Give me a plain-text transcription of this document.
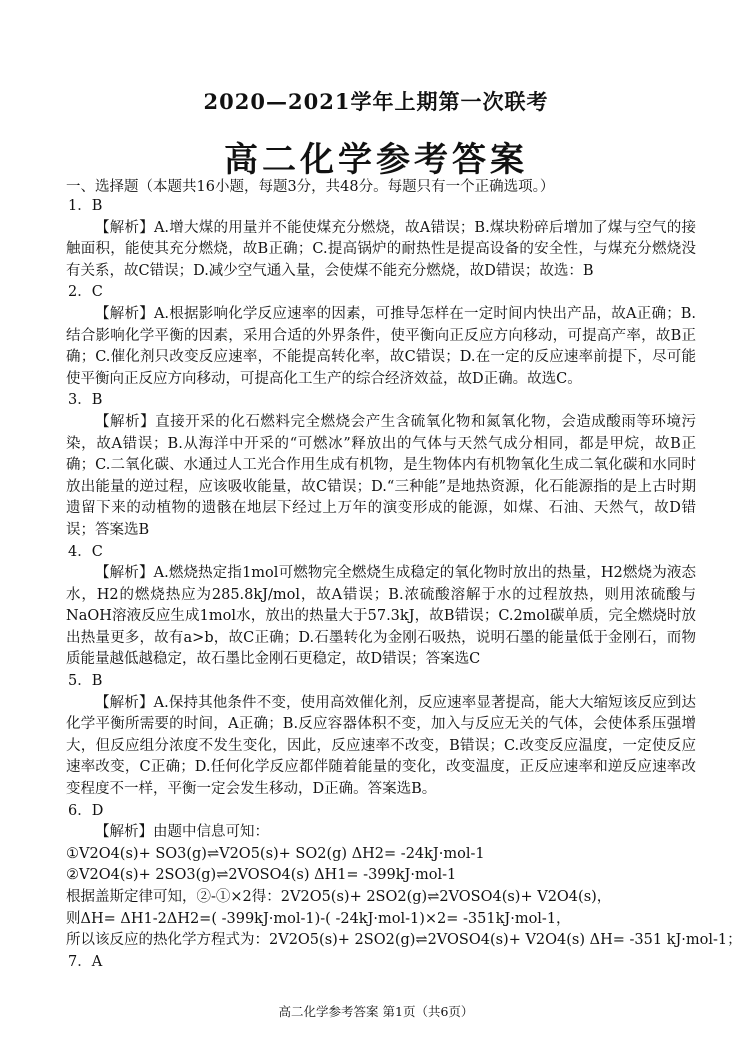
2020—2021学年上期第一次联考
高二化学参考答案
一、选择题（本题共16小题，每题3分，共48分。每题只有一个正确选项。）

1．B

【解析】A.增大煤的用量并不能使煤充分燃烧，故A错误；B.煤块粉碎后增加了煤与空气的接触面积，能使其充分燃烧，故B正确；C.提高锅炉的耐热性是提高设备的安全性，与煤充分燃烧没有关系，故C错误；D.减少空气通入量，会使煤不能充分燃烧，故D错误；故选：B

2．C

【解析】A.根据影响化学反应速率的因素，可推导怎样在一定时间内快出产品，故A正确；B.结合影响化学平衡的因素，采用合适的外界条件，使平衡向正反应方向移动，可提高产率，故B正确；C.催化剂只改变反应速率，不能提高转化率，故C错误；D.在一定的反应速率前提下，尽可能使平衡向正反应方向移动，可提高化工生产的综合经济效益，故D正确。故选C。

3．B

【解析】直接开采的化石燃料完全燃烧会产生含硫氧化物和氮氧化物，会造成酸雨等环境污染，故A错误；B.从海洋中开采的“可燃冰”释放出的气体与天然气成分相同，都是甲烷，故B正确；C.二氧化碳、水通过人工光合作用生成有机物，是生物体内有机物氧化生成二氧化碳和水同时放出能量的逆过程，应该吸收能量，故C错误；D.“三种能”是地热资源，化石能源指的是上古时期遗留下来的动植物的遗骸在地层下经过上万年的演变形成的能源，如煤、石油、天然气，故D错误；答案选B

4．C

【解析】A.燃烧热定指1mol可燃物完全燃烧生成稳定的氧化物时放出的热量，H2燃烧为液态水，H2的燃烧热应为285.8kJ/mol，故A错误；B.浓硫酸溶解于水的过程放热，则用浓硫酸与NaOH溶液反应生成1mol水，放出的热量大于57.3kJ，故B错误；C.2mol碳单质，完全燃烧时放出热量更多，故有a>b，故C正确；D.石墨转化为金刚石吸热，说明石墨的能量低于金刚石，而物质能量越低越稳定，故石墨比金刚石更稳定，故D错误；答案选C

5．B

【解析】A.保持其他条件不变，使用高效催化剂，反应速率显著提高，能大大缩短该反应到达化学平衡所需要的时间，A正确；B.反应容器体积不变，加入与反应无关的气体，会使体系压强增大，但反应组分浓度不发生变化，因此，反应速率不改变，B错误；C.改变反应温度，一定使反应速率改变，C正确；D.任何化学反应都伴随着能量的变化，改变温度，正反应速率和逆反应速率改变程度不一样，平衡一定会发生移动，D正确。答案选B。

6．D

【解析】由题中信息可知：

①V2O4(s)+ SO3(g)⇌V2O5(s)+ SO2(g) ΔH2= -24kJ·mol-1

②V2O4(s)+ 2SO3(g)⇌2VOSO4(s) ΔH1= -399kJ·mol-1

根据盖斯定律可知，②-①×2得：2V2O5(s)+ 2SO2(g)⇌2VOSO4(s)+ V2O4(s)，

则ΔH= ΔH1-2ΔH2=( -399kJ·mol-1)-( -24kJ·mol-1)×2= -351kJ·mol-1，

所以该反应的热化学方程式为：2V2O5(s)+ 2SO2(g)⇌2VOSO4(s)+ V2O4(s) ΔH= -351 kJ·mol-1；

7．A

高二化学参考答案 第1页（共6页）
